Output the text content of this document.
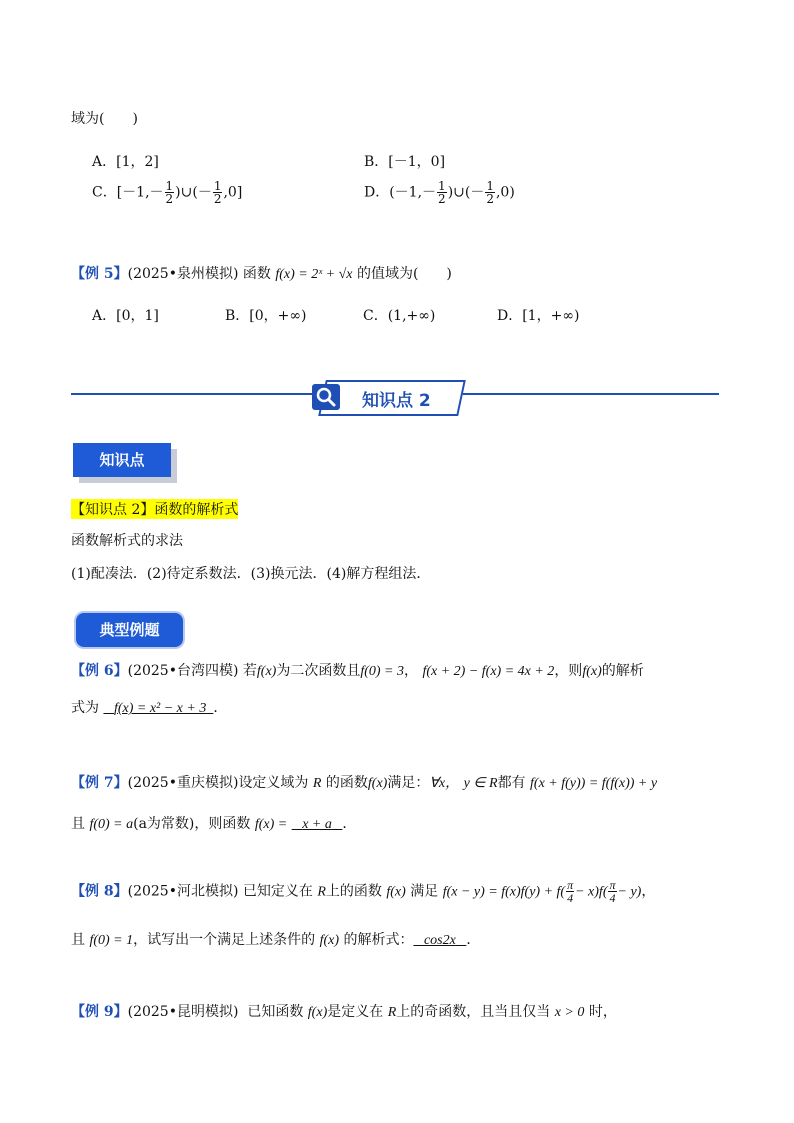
域为(　　)
A．[1，2]	B．[－1，0]
C．[$-1,- \frac{1}{2}$ )∪(－ $\frac{1}{2} ,0$]	D．($-1,- \frac{1}{2}$ )∪(－ $\frac{1}{2} ,0$)
【例 5】(2025•泉州模拟) 函数 f(x) = 2ˣ + √x 的值域为(　　)
A．[0，1]	B．[0，+∞)	C．(1,+∞)	D．[1，+∞)
知识点 2
知识点
【知识点 2】函数的解析式
函数解析式的求法
(1)配凑法．(2)待定系数法．(3)换元法．(4)解方程组法．
典型例题
【例 6】(2025•台湾四模) 若f(x)为二次函数且f(0) = 3， f(x + 2) − f(x) = 4x + 2，则f(x)的解析
式为 f(x) = x² − x + 3 ．
【例 7】(2025•重庆模拟)设定义域为 R 的函数f(x)满足：∀x， y ∈ R都有 f(x + f(y)) = f(f(x)) + y
且 f(0) = a(a为常数)，则函数 f(x) = x + a ．
【例 8】(2025•河北模拟) 已知定义在 R上的函数 f(x) 满足 $f(x - y) = f(x)f(y) + f( \frac{\pi}{4} - x)f( \frac{\pi}{4} - y)$，
且 f(0) = 1，试写出一个满足上述条件的 f(x) 的解析式： cos2x ．
【例 9】(2025•昆明模拟) 已知函数 f(x)是定义在 R上的奇函数，且当且仅当 x > 0 时，
